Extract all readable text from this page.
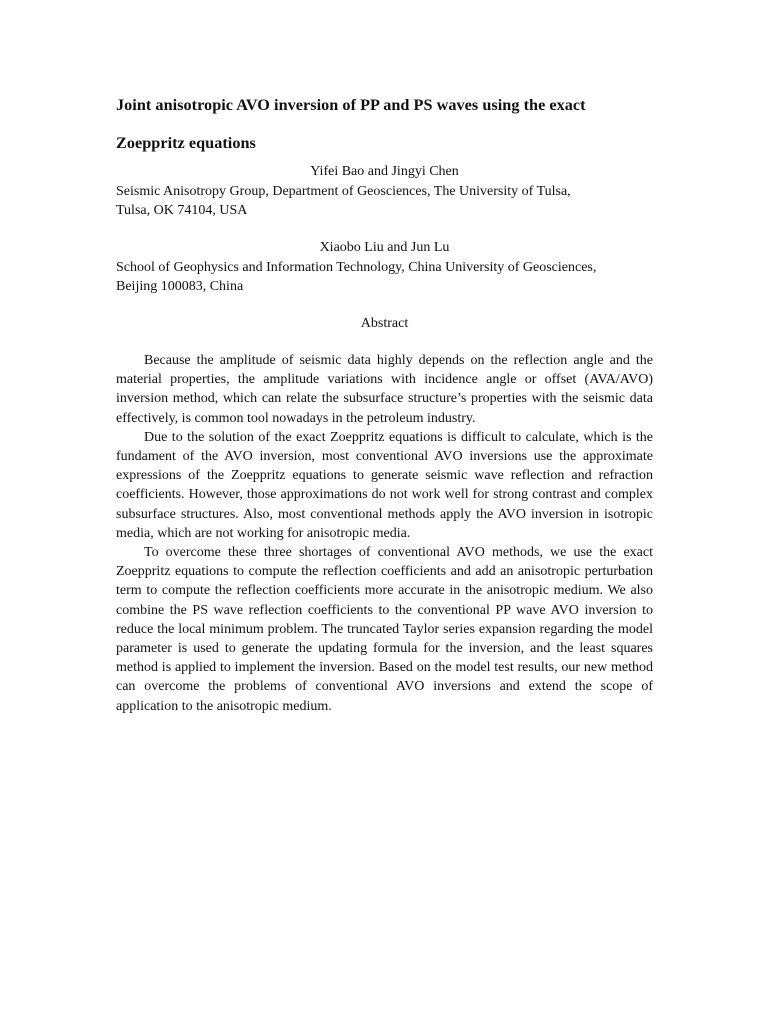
Joint anisotropic AVO inversion of PP and PS waves using the exact
Zoeppritz equations
Yifei Bao and Jingyi Chen
Seismic Anisotropy Group, Department of Geosciences, The University of Tulsa,
Tulsa, OK 74104, USA
Xiaobo Liu and Jun Lu
School of Geophysics and Information Technology, China University of Geosciences,
Beijing 100083, China
Abstract

Because the amplitude of seismic data highly depends on the reflection angle and the material properties, the amplitude variations with incidence angle or offset (AVA/AVO) inversion method, which can relate the subsurface structure’s properties with the seismic data effectively, is common tool nowadays in the petroleum industry.

Due to the solution of the exact Zoeppritz equations is difficult to calculate, which is the fundament of the AVO inversion, most conventional AVO inversions use the approximate expressions of the Zoeppritz equations to generate seismic wave reflection and refraction coefficients. However, those approximations do not work well for strong contrast and complex subsurface structures. Also, most conventional methods apply the AVO inversion in isotropic media, which are not working for anisotropic media.

To overcome these three shortages of conventional AVO methods, we use the exact Zoeppritz equations to compute the reflection coefficients and add an anisotropic perturbation term to compute the reflection coefficients more accurate in the anisotropic medium. We also combine the PS wave reflection coefficients to the conventional PP wave AVO inversion to reduce the local minimum problem. The truncated Taylor series expansion regarding the model parameter is used to generate the updating formula for the inversion, and the least squares method is applied to implement the inversion. Based on the model test results, our new method can overcome the problems of conventional AVO inversions and extend the scope of application to the anisotropic medium.
